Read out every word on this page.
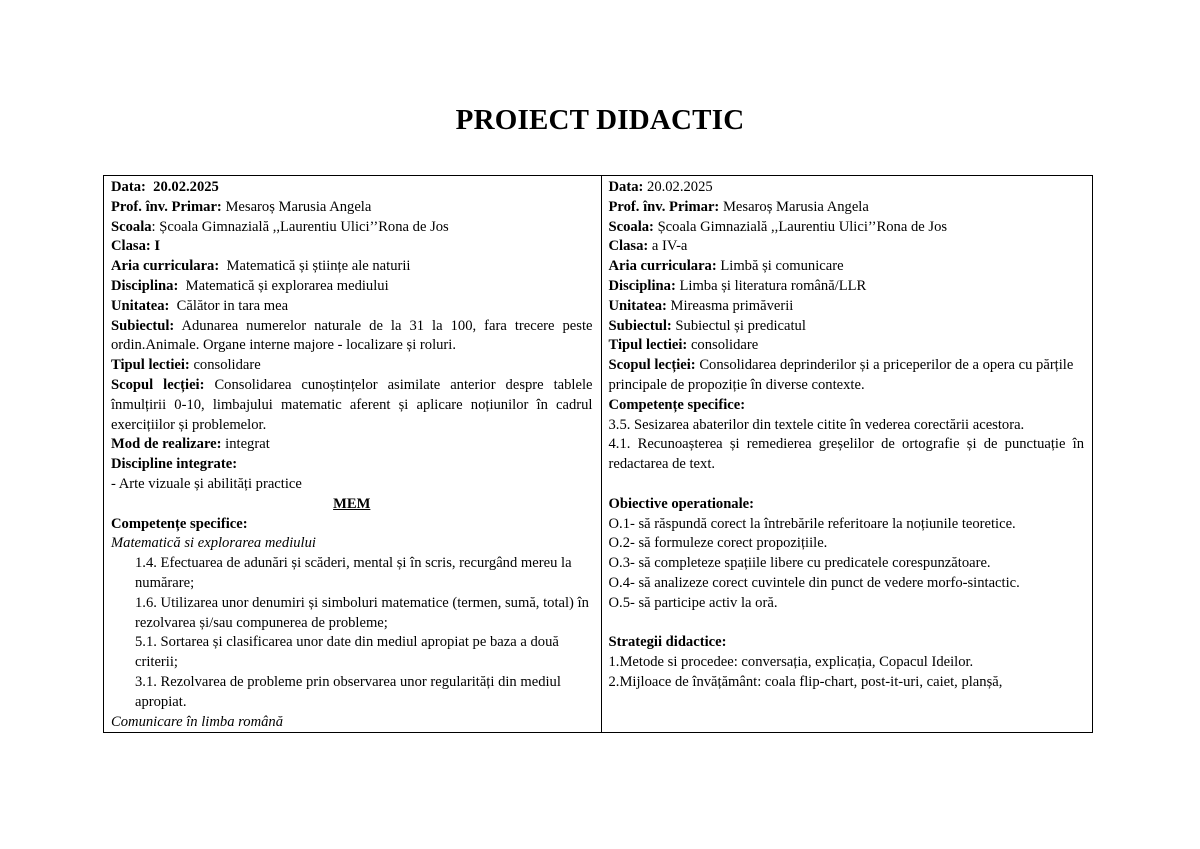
PROIECT DIDACTIC
Data: 20.02.2025
Prof. înv. Primar: Mesaroș Marusia Angela
Scoala: Școala Gimnazială ,,Laurentiu Ulici’’Rona de Jos
Clasa: I
Aria curriculara: Matematică și științe ale naturii
Disciplina: Matematică și explorarea mediului
Unitatea: Călător in tara mea
Subiectul: Adunarea numerelor naturale de la 31 la 100, fara trecere peste ordin.Animale. Organe interne majore - localizare și roluri.
Tipul lectiei: consolidare
Scopul lecției: Consolidarea cunoștințelor asimilate anterior despre tablele înmulțirii 0-10, limbajului matematic aferent și aplicare noțiunilor în cadrul exercițiilor și problemelor.
Mod de realizare: integrat
Discipline integrate:
- Arte vizuale și abilități practice
MEM
Competențe specifice:
Matematică si explorarea mediului
1.4. Efectuarea de adunări și scăderi, mental și în scris, recurgând mereu la numărare;
1.6. Utilizarea unor denumiri și simboluri matematice (termen, sumă, total) în rezolvarea și/sau compunerea de probleme;
5.1. Sortarea și clasificarea unor date din mediul apropiat pe baza a două criterii;
3.1. Rezolvarea de probleme prin observarea unor regularități din mediul apropiat.
Comunicare în limba română

Data: 20.02.2025
Prof. înv. Primar: Mesaroș Marusia Angela
Scoala: Școala Gimnazială ,,Laurentiu Ulici’’Rona de Jos
Clasa: a IV-a
Aria curriculara: Limbă și comunicare
Disciplina: Limba și literatura română/LLR
Unitatea: Mireasma primăverii
Subiectul: Subiectul și predicatul
Tipul lectiei: consolidare
Scopul lecției: Consolidarea deprinderilor și a priceperilor de a opera cu părțile principale de propoziție în diverse contexte.
Competențe specifice:
3.5. Sesizarea abaterilor din textele citite în vederea corectării acestora.
4.1. Recunoașterea și remedierea greșelilor de ortografie și de punctuație în redactarea de text.
Obiective operationale:
O.1- să răspundă corect la întrebările referitoare la noțiunile teoretice.
O.2- să formuleze corect propozițiile.
O.3- să completeze spațiile libere cu predicatele corespunzătoare.
O.4- să analizeze corect cuvintele din punct de vedere morfo-sintactic.
O.5- să participe activ la oră.
Strategii didactice:
1.Metode si procedee: conversația, explicația, Copacul Ideilor.
2.Mijloace de învățământ: coala flip-chart, post-it-uri, caiet, planșă,
